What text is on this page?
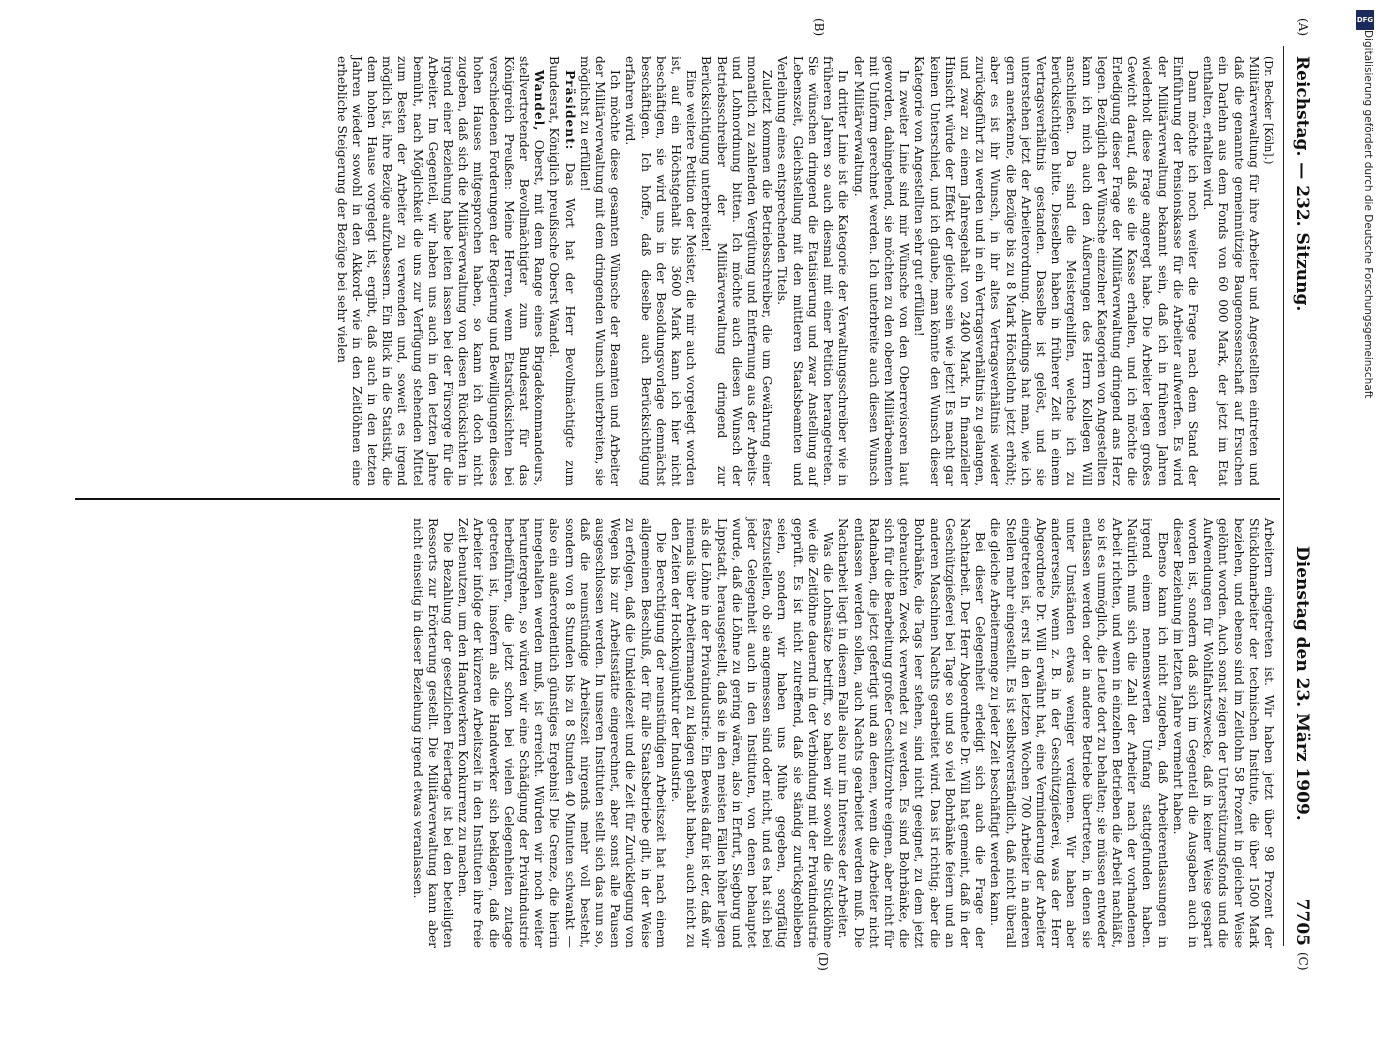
Reichstag. — 232. Sitzung.
Dienstag den 23. März 1909.
7705
(A)
(B)
(C)
(D)

(Dr. Becker [Köln].)

Militärverwaltung für ihre Arbeiter und Angestellten eintreten und daß die genannte gemeinnützige Baugenossenschaft auf Ersuchen ein Darlehn aus dem Fonds von 60 000 Mark, der jetzt im Etat enthalten, erhalten wird.

Dann möchte ich noch weiter die Frage nach dem Stand der Einführung der Pensionskasse für die Arbeiter aufwerfen. Es wird der Militärverwaltung bekannt sein, daß ich in früheren Jahren wiederholt diese Frage angeregt habe. Die Arbeiter legen großes Gewicht darauf, daß sie die Kasse erhalten, und ich möchte die Erledigung dieser Frage der Militärverwaltung dringend ans Herz legen. Bezüglich der Wünsche einzelner Kategorien von Angestellten kann ich mich auch den Äußerungen des Herrn Kollegen Will anschließen. Da sind die Meistergehilfen, welche ich zu berücksichtigen bitte. Dieselben haben in früherer Zeit in einem Vertragsverhältnis gestanden. Dasselbe ist gelöst, und sie unterstehen jetzt der Arbeiterordnung. Allerdings hat man, wie ich gern anerkenne, die Bezüge bis zu 8 Mark Höchstlohn jetzt erhöht; aber es ist ihr Wunsch, in ihr altes Vertragsverhältnis wieder zurückgeführt zu werden und in ein Vertragsverhältnis zu gelangen, und zwar zu einem Jahresgehalt von 2400 Mark. In finanzieller Hinsicht würde der Effekt der gleiche sein wie jetzt! Es macht gar keinen Unterschied, und ich glaube, man könnte den Wunsch dieser Kategorie von Angestellten sehr gut erfüllen!

In zweiter Linie sind mir Wünsche von den Oberrevisoren laut geworden, dahingehend, sie möchten zu den oberen Militärbeamten mit Uniform gerechnet werden. Ich unterbreite auch diesen Wunsch der Militärverwaltung.

In dritter Linie ist die Kategorie der Verwaltungsschreiber wie in früheren Jahren so auch diesmal mit einer Petition herangetreten. Sie wünschen dringend die Etatisierung und zwar Anstellung auf Lebenszeit, Gleichstellung mit den mittleren Staatsbeamten und Verleihung eines entsprechenden Titels.

Zuletzt kommen die Betriebsschreiber, die um Gewährung einer monatlich zu zahlenden Vergütung und Entfernung aus der Arbeits- und Lohnordnung bitten. Ich möchte auch diesen Wunsch der Betriebsschreiber der Militärverwaltung dringend zur Berücksichtigung unterbreiten!

Eine weitere Petition der Meister, die mir auch vorgelegt worden ist, auf ein Höchstgehalt bis 3600 Mark kann ich hier nicht beschäftigen, sie wird uns in der Besoldungsvorlage demnächst beschäftigen. Ich hoffe, daß dieselbe auch Berücksichtigung erfahren wird.

Ich möchte diese gesamten Wünsche der Beamten und Arbeiter der Militärverwaltung mit dem dringenden Wunsch unterbreiten, sie möglichst zu erfüllen!

Präsident: Das Wort hat der Herr Bevollmächtigte zum Bundesrat, Königlich preußische Oberst Wandel.

Wandel, Oberst, mit dem Range eines Brigadekommandeurs, stellvertretender Bevollmächtigter zum Bundesrat für das Königreich Preußen: Meine Herren, wenn Etatsrücksichten bei verschiedenen Forderungen der Regierung und Bewilligungen dieses hohen Hauses mitgesprochen haben, so kann ich doch nicht zugeben, daß sich die Militärverwaltung von diesen Rücksichten in irgend einer Beziehung habe leiten lassen bei der Fürsorge für die Arbeiter. Im Gegenteil, wir haben uns auch in den letzten Jahre bemüht, nach Möglichkeit die uns zur Verfügung stehenden Mittel zum Besten der Arbeiter zu verwenden und, soweit es irgend möglich ist, ihre Bezüge aufzubessern. Ein Blick in die Statistik, die dem hohen Hause vorgelegt ist, ergibt, daß auch in den letzten Jahren wieder sowohl in den Akkord- wie in den Zeitlöhnen eine erhebliche Steigerung der Bezüge bei sehr vielen

Arbeitern eingetreten ist. Wir haben jetzt über 98 Prozent der Stücklohnarbeiter der technischen Institute, die über 1500 Mark beziehen, und ebenso sind im Zeitlohn 58 Prozent in gleicher Weise gelöhnt worden. Auch sonst zeigen der Unterstützungsfonds und die Aufwendungen für Wohlfahrtszwecke, daß in keiner Weise gespart worden ist, sondern daß sich im Gegenteil die Ausgaben auch in dieser Beziehung im letzten Jahre vermehrt haben.

Ebenso kann ich nicht zugeben, daß Arbeiterentlassungen in irgend einem nennenswerten Umfang stattgefunden haben. Natürlich muß sich die Zahl der Arbeiter nach der vorhandenen Arbeit richten, und wenn in einzelnen Betrieben die Arbeit nachläßt, so ist es unmöglich, die Leute dort zu behalten; sie müssen entweder entlassen werden oder in andere Betriebe übertreten, in denen sie unter Umständen etwas weniger verdienen. Wir haben aber andererseits, wenn z. B. in der Geschützgießerei, was der Herr Abgeordnete Dr. Will erwähnt hat, eine Verminderung der Arbeiter eingetreten ist, erst in den letzten Wochen 700 Arbeiter in anderen Stellen mehr eingestellt. Es ist selbstverständlich, daß nicht überall die gleiche Arbeitermenge zu jeder Zeit beschäftigt werden kann.

Bei dieser Gelegenheit erledigt sich auch die Frage der Nachtarbeit. Der Herr Abgeordnete Dr. Will hat gemeint, daß in der Geschützgießerei bei Tage so und so viel Bohrbänke feiern und an anderen Maschinen Nachts gearbeitet wird. Das ist richtig; aber die Bohrbänke, die Tags leer stehen, sind nicht geeignet, zu dem jetzt gebrauchten Zweck verwendet zu werden. Es sind Bohrbänke, die sich für die Bearbeitung großer Geschützrohre eignen, aber nicht für Radnaben, die jetzt gefertigt und an denen, wenn die Arbeiter nicht entlassen werden sollen, auch Nachts gearbeitet werden muß. Die Nachtarbeit liegt in diesem Falle also nur im Interesse der Arbeiter.

Was die Lohnsätze betrifft, so haben wir sowohl die Stücklöhne wie die Zeitlöhne dauernd in der Verbindung mit der Privatindustrie geprüft. Es ist nicht zutreffend, daß sie ständig zurückgeblieben seien, sondern wir haben uns Mühe gegeben, sorgfältig festzustellen, ob sie angemessen sind oder nicht, und es hat sich bei jeder Gelegenheit auch in den Instituten, von denen behauptet wurde, daß die Löhne zu gering wären, also in Erfurt, Siegburg und Lippstadt, herausgestellt, daß sie in den meisten Fällen höher liegen als die Löhne in der Privatindustrie. Ein Beweis dafür ist der, daß wir niemals über Arbeitermangel zu klagen gehabt haben, auch nicht zu den Zeiten der Hochkonjunktur der Industrie.

Die Berechtigung der neunstündigen Arbeitszeit hat nach einem allgemeinen Beschluß, der für alle Staatsbetriebe gilt, in der Weise zu erfolgen, daß die Umkleidezeit und die Zeit für Zurücklegung von Wegen bis zur Arbeitsstätte eingerechnet, aber sonst alle Pausen ausgeschlossen werden. In unseren Instituten stellt sich das nun so, daß die neunstündige Arbeitszeit nirgends mehr voll besteht, sondern von 8 Stunden bis zu 8 Stunden 40 Minuten schwankt — also ein außerordentlich günstiges Ergebnis! Die Grenze, die hierin innegehalten werden muß, ist erreicht. Würden wir noch weiter heruntergehen, so würden wir eine Schädigung der Privatindustrie herbeiführen, die jetzt schon bei vielen Gelegenheiten zutage getreten ist, insofern als die Handwerker sich beklagen, daß die Arbeiter infolge der kürzeren Arbeitszeit in den Instituten ihre freie Zeit benutzen, um den Handwerkern Konkurrenz zu machen.

Die Bezahlung der gesetzlichen Feiertage ist bei den beteiligten Ressorts zur Erörterung gestellt. Die Militärverwaltung kann aber nicht einseitig in dieser Beziehung irgend etwas veranlassen.

DFG
Digitalisierung gefördert durch die Deutsche Forschungsgemeinschaft
